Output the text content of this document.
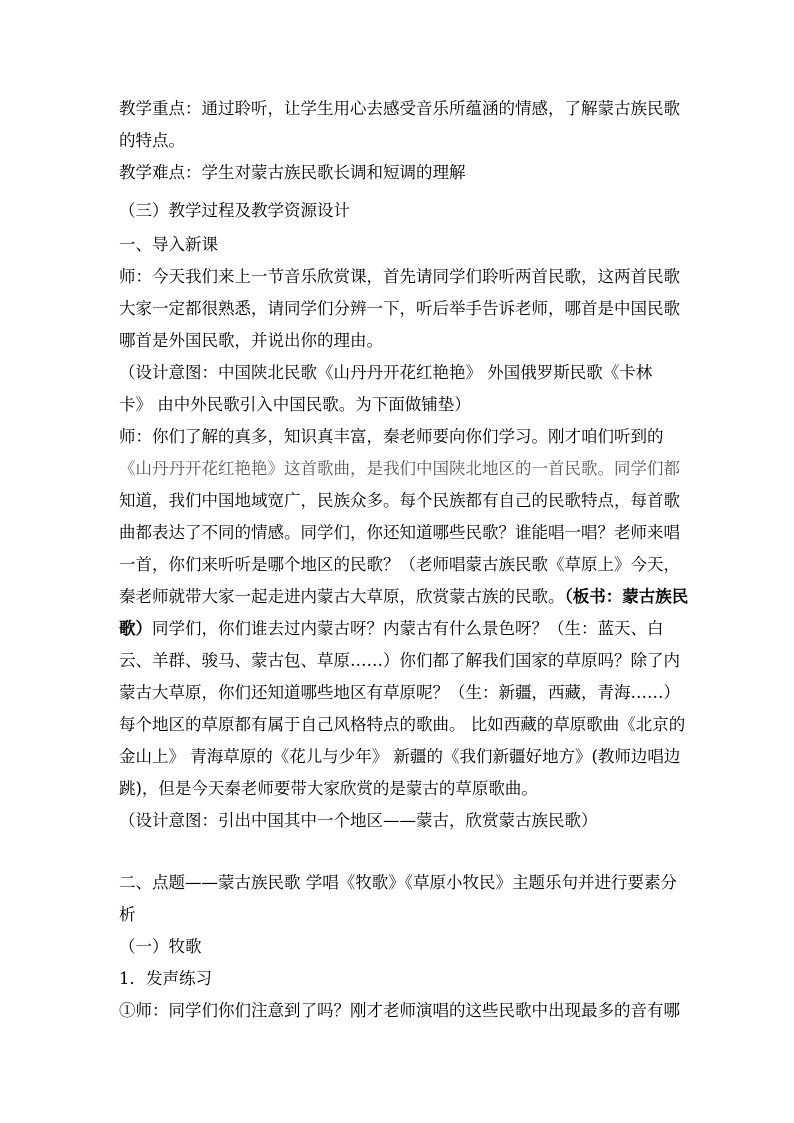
教学重点：通过聆听，让学生用心去感受音乐所蕴涵的情感，了解蒙古族民歌
的特点。
教学难点：学生对蒙古族民歌长调和短调的理解
（三）教学过程及教学资源设计
一、导入新课
师：今天我们来上一节音乐欣赏课，首先请同学们聆听两首民歌，这两首民歌
大家一定都很熟悉，请同学们分辨一下，听后举手告诉老师，哪首是中国民歌
哪首是外国民歌，并说出你的理由。
（设计意图：中国陕北民歌《山丹丹开花红艳艳》 外国俄罗斯民歌《卡林
卡》 由中外民歌引入中国民歌。为下面做铺垫）
师：你们了解的真多，知识真丰富，秦老师要向你们学习。刚才咱们听到的
《山丹丹开花红艳艳》这首歌曲，是我们中国陕北地区的一首民歌。同学们都
知道，我们中国地域宽广，民族众多。每个民族都有自己的民歌特点，每首歌
曲都表达了不同的情感。同学们，你还知道哪些民歌？谁能唱一唱？老师来唱
一首，你们来听听是哪个地区的民歌？（老师唱蒙古族民歌《草原上》今天，
秦老师就带大家一起走进内蒙古大草原，欣赏蒙古族的民歌。（板书：蒙古族民
歌）同学们，你们谁去过内蒙古呀？内蒙古有什么景色呀？（生：蓝天、白
云、羊群、骏马、蒙古包、草原……）你们都了解我们国家的草原吗？除了内
蒙古大草原，你们还知道哪些地区有草原呢？（生：新疆，西藏，青海……）
每个地区的草原都有属于自己风格特点的歌曲。 比如西藏的草原歌曲《北京的
金山上》 青海草原的《花儿与少年》 新疆的《我们新疆好地方》(教师边唱边
跳)，但是今天秦老师要带大家欣赏的是蒙古的草原歌曲。
（设计意图：引出中国其中一个地区——蒙古，欣赏蒙古族民歌）
二、点题——蒙古族民歌 学唱《牧歌》《草原小牧民》主题乐句并进行要素分
析
（一）牧歌
1．发声练习
①师：同学们你们注意到了吗？刚才老师演唱的这些民歌中出现最多的音有哪
